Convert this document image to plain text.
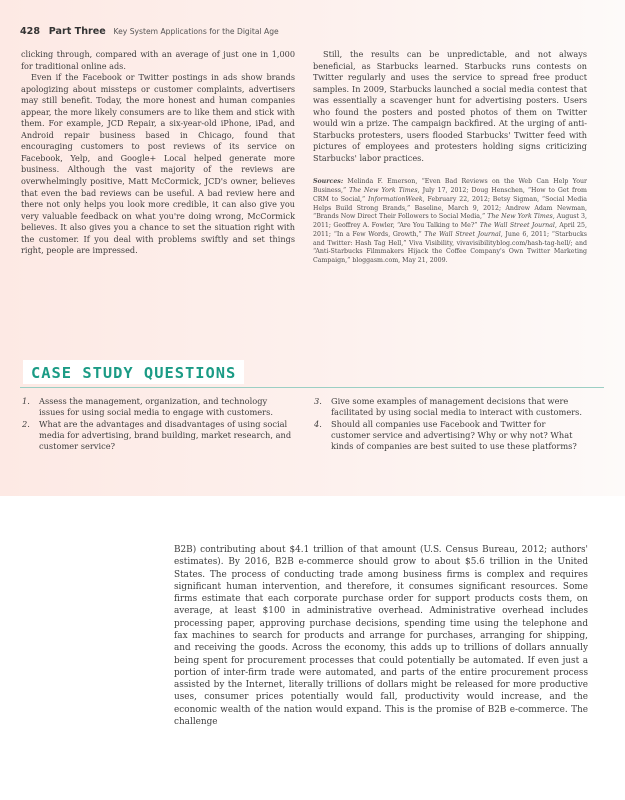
428 Part Three Key System Applications for the Digital Age

clicking through, compared with an average of just one in 1,000 for traditional online ads.

Even if the Facebook or Twitter postings in ads show brands apologizing about missteps or customer complaints, advertisers may still benefit. Today, the more honest and human companies appear, the more likely consumers are to like them and stick with them. For example, JCD Repair, a six-year-old iPhone, iPad, and Android repair business based in Chicago, found that encouraging customers to post reviews of its service on Facebook, Yelp, and Google+ Local helped generate more business. Although the vast majority of the reviews are overwhelmingly positive, Matt McCormick, JCD's owner, believes that even the bad reviews can be useful. A bad review here and there not only helps you look more credible, it can also give you very valuable feedback on what you're doing wrong, McCormick believes. It also gives you a chance to set the situation right with the customer. If you deal with problems swiftly and set things right, people are impressed.

Still, the results can be unpredictable, and not always beneficial, as Starbucks learned. Starbucks runs contests on Twitter regularly and uses the service to spread free product samples. In 2009, Starbucks launched a social media contest that was essentially a scavenger hunt for advertising posters. Users who found the posters and posted photos of them on Twitter would win a prize. The campaign backfired. At the urging of anti-Starbucks protesters, users flooded Starbucks' Twitter feed with pictures of employees and protesters holding signs criticizing Starbucks' labor practices.

Sources: Melinda F. Emerson, “Even Bad Reviews on the Web Can Help Your Business,” The New York Times, July 17, 2012; Doug Henschen, “How to Get from CRM to Social,” InformationWeek, February 22, 2012; Betsy Sigman, “Social Media Helps Build Strong Brands,” Baseline, March 9, 2012; Andrew Adam Newman, “Brands Now Direct Their Followers to Social Media,” The New York Times, August 3, 2011; Geoffrey A. Fowler, “Are You Talking to Me?” The Wall Street Journal, April 25, 2011; “In a Few Words, Growth,” The Wall Street Journal, June 6, 2011; “Starbucks and Twitter: Hash Tag Hell,” Viva Visibility, vivavisibilityblog.com/hash-tag-hell/; and “Anti-Starbucks Filmmakers Hijack the Coffee Company's Own Twitter Marketing Campaign,” bloggasm.com, May 21, 2009.

CASE STUDY QUESTIONS
1.	Assess the management, organization, and technology issues for using social media to engage with customers.
2.	What are the advantages and disadvantages of using social media for advertising, brand building, market research, and customer service?
3.	Give some examples of management decisions that were facilitated by using social media to interact with customers.
4.	Should all companies use Facebook and Twitter for customer service and advertising? Why or why not? What kinds of companies are best suited to use these platforms?

B2B) contributing about $4.1 trillion of that amount (U.S. Census Bureau, 2012; authors' estimates). By 2016, B2B e-commerce should grow to about $5.6 trillion in the United States. The process of conducting trade among business firms is complex and requires significant human intervention, and therefore, it consumes significant resources. Some firms estimate that each corporate purchase order for support products costs them, on average, at least $100 in administrative overhead. Administrative overhead includes processing paper, approving purchase decisions, spending time using the telephone and fax machines to search for products and arrange for purchases, arranging for shipping, and receiving the goods. Across the economy, this adds up to trillions of dollars annually being spent for procurement processes that could potentially be automated. If even just a portion of inter-firm trade were automated, and parts of the entire procurement process assisted by the Internet, literally trillions of dollars might be released for more productive uses, consumer prices potentially would fall, productivity would increase, and the economic wealth of the nation would expand. This is the promise of B2B e-commerce. The challenge
